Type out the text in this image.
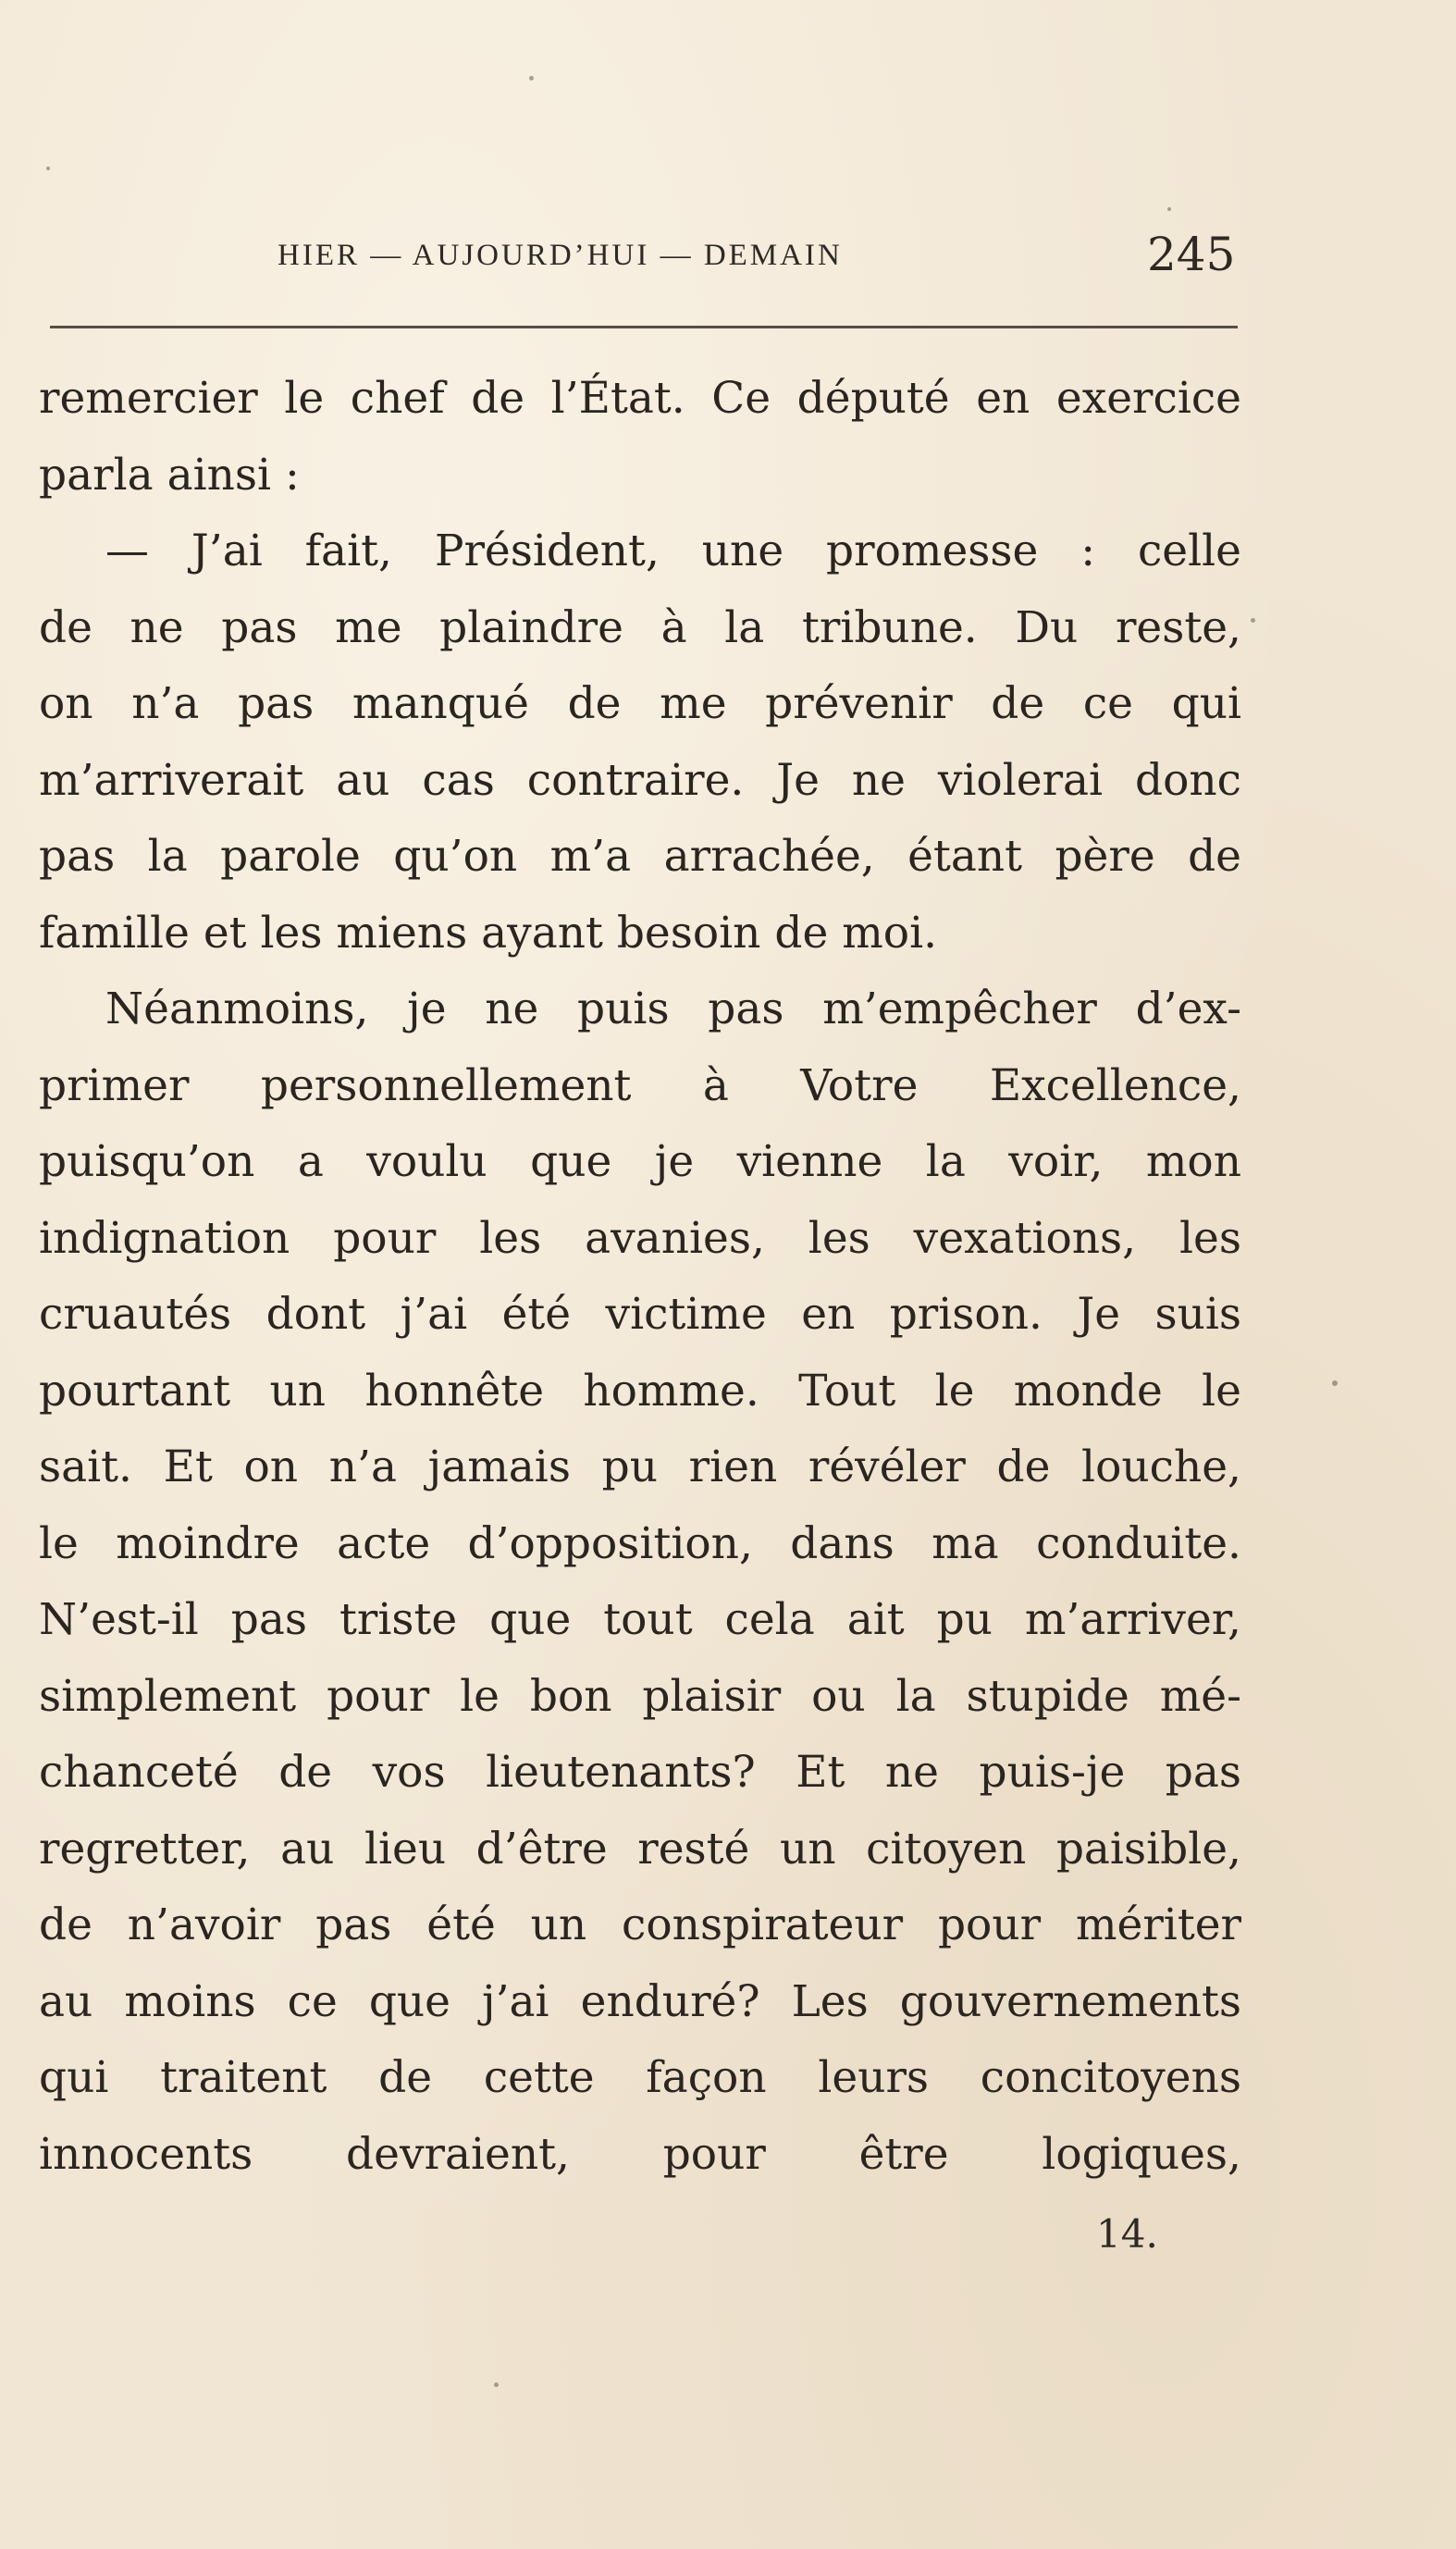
HIER — AUJOURD’HUI — DEMAIN	245
remercier le chef de l’État. Ce député en exercice
parla ainsi :
— J’ai fait, Président, une promesse : celle
de ne pas me plaindre à la tribune. Du reste,
on n’a pas manqué de me prévenir de ce qui
m’arriverait au cas contraire. Je ne violerai donc
pas la parole qu’on m’a arrachée, étant père de
famille et les miens ayant besoin de moi.
Néanmoins, je ne puis pas m’empêcher d’ex-
primer personnellement à Votre Excellence,
puisqu’on a voulu que je vienne la voir, mon
indignation pour les avanies, les vexations, les
cruautés dont j’ai été victime en prison. Je suis
pourtant un honnête homme. Tout le monde le
sait. Et on n’a jamais pu rien révéler de louche,
le moindre acte d’opposition, dans ma conduite.
N’est-il pas triste que tout cela ait pu m’arriver,
simplement pour le bon plaisir ou la stupide mé-
chanceté de vos lieutenants? Et ne puis-je pas
regretter, au lieu d’être resté un citoyen paisible,
de n’avoir pas été un conspirateur pour mériter
au moins ce que j’ai enduré? Les gouvernements
qui traitent de cette façon leurs concitoyens
innocents devraient, pour être logiques,
14.
